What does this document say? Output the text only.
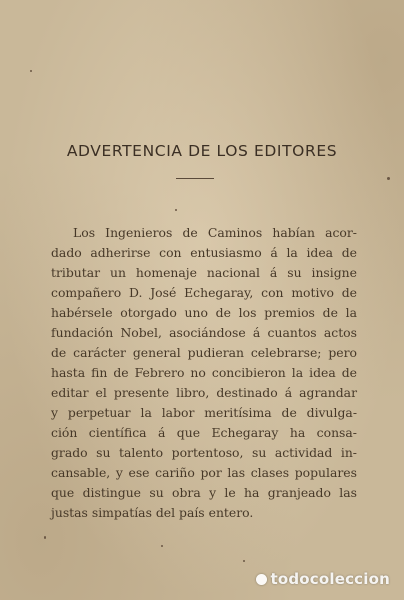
ADVERTENCIA DE LOS EDITORES
Los Ingenieros de Caminos habían acor-
dado adherirse con entusiasmo á la idea de
tributar un homenaje nacional á su insigne
compañero D. José Echegaray, con motivo de
habérsele otorgado uno de los premios de la
fundación Nobel, asociándose á cuantos actos
de carácter general pudieran celebrarse; pero
hasta fin de Febrero no concibieron la idea de
editar el presente libro, destinado á agrandar
y perpetuar la labor meritísima de divulga-
ción científica á que Echegaray ha consa-
grado su talento portentoso, su actividad in-
cansable, y ese cariño por las clases populares
que distingue su obra y le ha granjeado las
justas simpatías del país entero.
todocoleccion
